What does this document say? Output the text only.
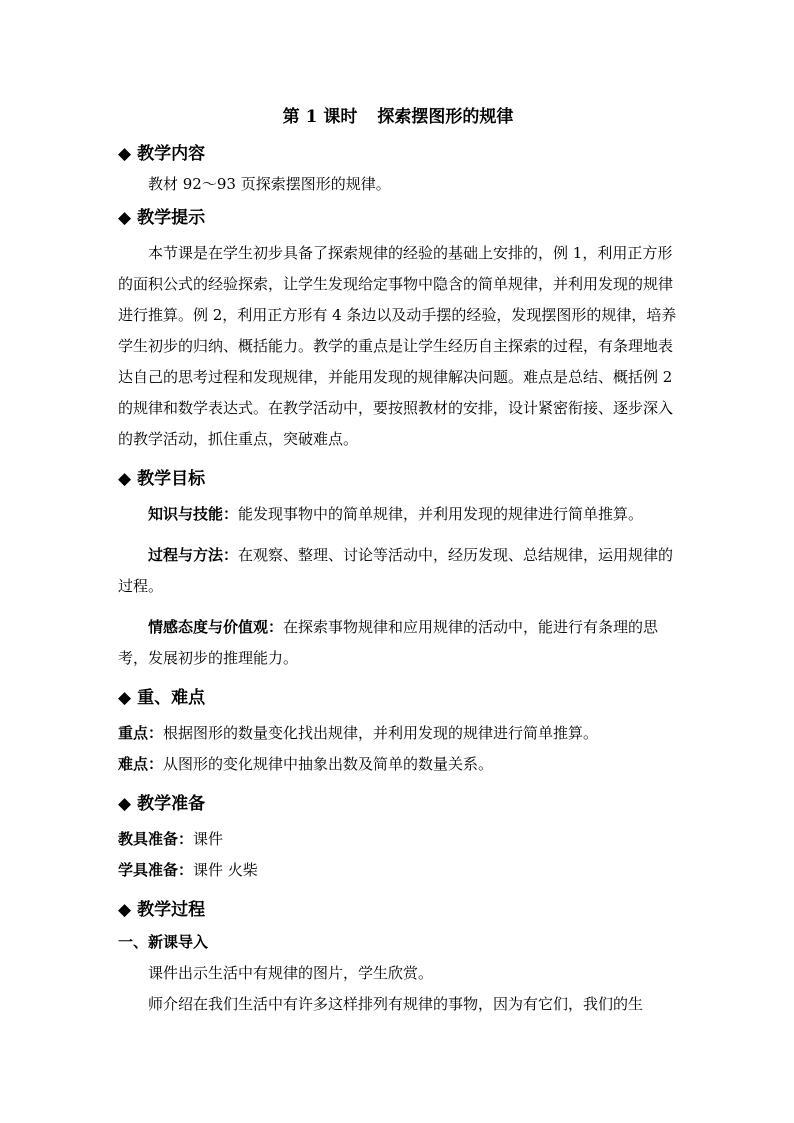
第 1 课时 探索摆图形的规律
◆ 教学内容

教材 92～93 页探索摆图形的规律。

◆ 教学提示

本节课是在学生初步具备了探索规律的经验的基础上安排的，例 1，利用正方形的面积公式的经验探索，让学生发现给定事物中隐含的简单规律，并利用发现的规律进行推算。例 2，利用正方形有 4 条边以及动手摆的经验，发现摆图形的规律，培养学生初步的归纳、概括能力。教学的重点是让学生经历自主探索的过程，有条理地表达自己的思考过程和发现规律，并能用发现的规律解决问题。难点是总结、概括例 2 的规律和数学表达式。在教学活动中，要按照教材的安排，设计紧密衔接、逐步深入的教学活动，抓住重点，突破难点。

◆ 教学目标

知识与技能：能发现事物中的简单规律，并利用发现的规律进行简单推算。

过程与方法：在观察、整理、讨论等活动中，经历发现、总结规律，运用规律的过程。

情感态度与价值观：在探索事物规律和应用规律的活动中，能进行有条理的思考，发展初步的推理能力。

◆ 重、难点

重点：根据图形的数量变化找出规律，并利用发现的规律进行简单推算。

难点：从图形的变化规律中抽象出数及简单的数量关系。

◆ 教学准备

教具准备：课件

学具准备：课件 火柴

◆ 教学过程

一、新课导入

课件出示生活中有规律的图片，学生欣赏。

师介绍在我们生活中有许多这样排列有规律的事物，因为有它们，我们的生
